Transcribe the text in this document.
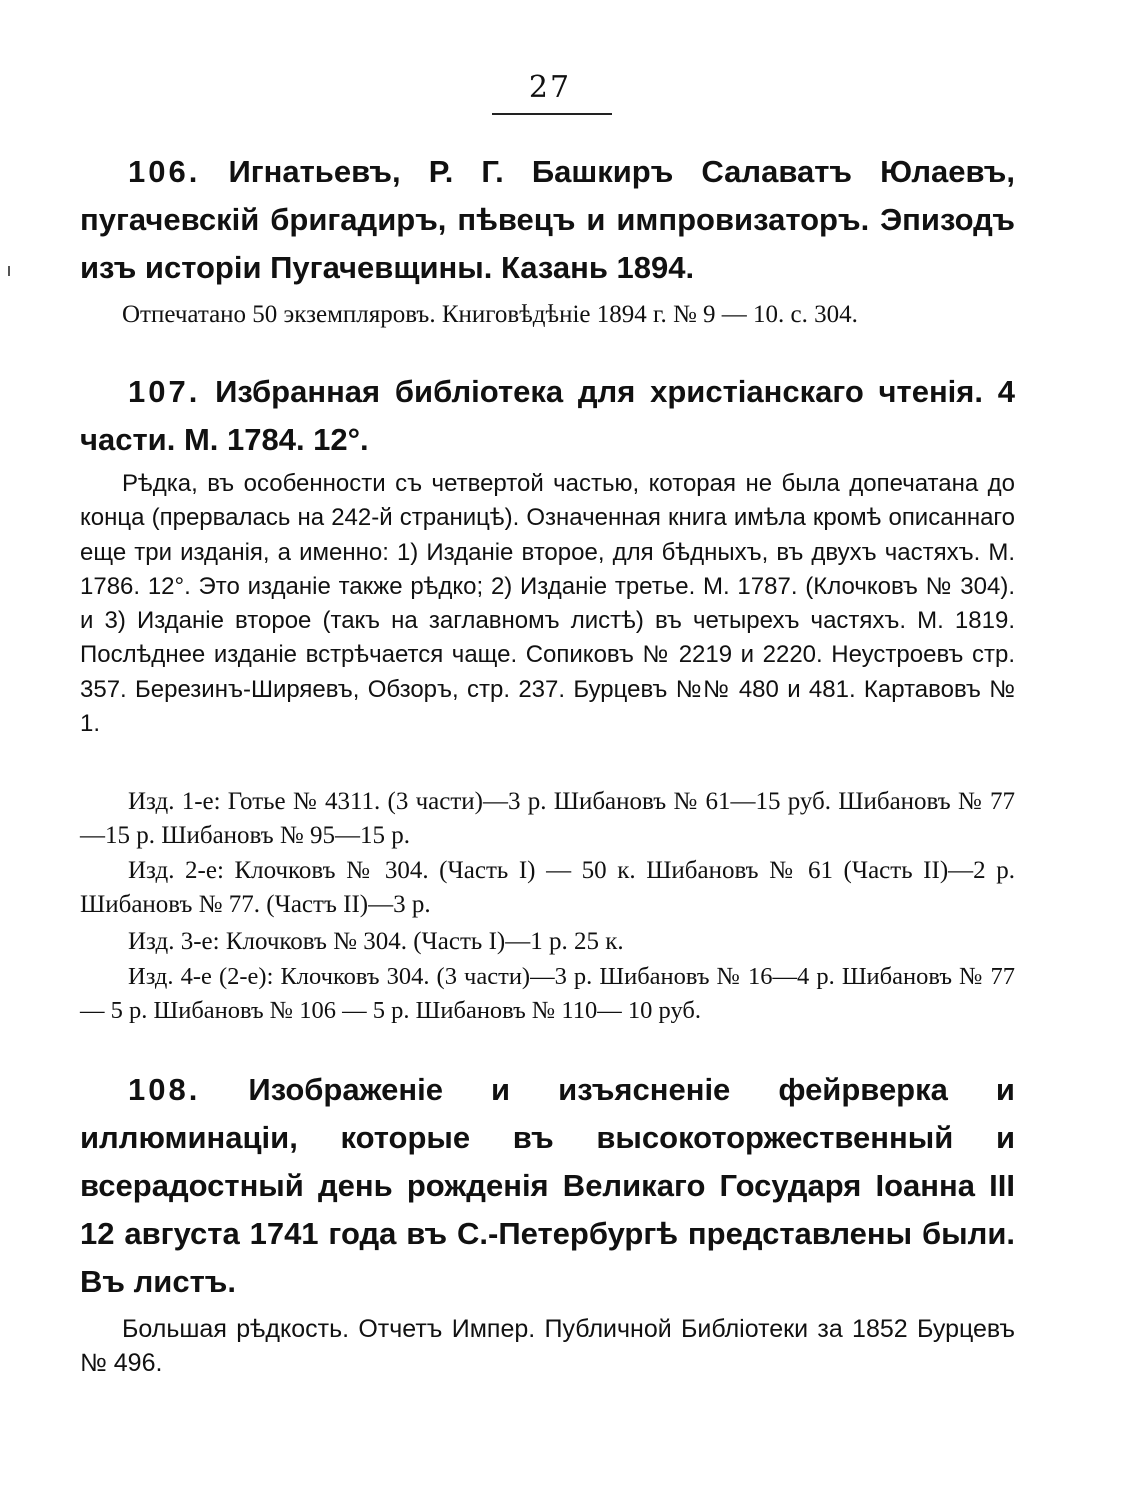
27
106. Игнатьевъ, Р. Г. Башкиръ Салаватъ Юлаевъ, пугачевскій бригадиръ, пѣвецъ и импровизаторъ. Эпизодъ изъ исторіи Пугачевщины. Казань 1894.
Отпечатано 50 экземпляровъ. Книговѣдѣніе 1894 г. № 9 — 10. с. 304.
107. Избранная библіотека для христіанскаго чтенія. 4 части. М. 1784. 12°.
Рѣдка, въ особенности съ четвертой частью, которая не была допечатана до конца (прервалась на 242-й страницѣ). Означенная книга имѣла кромѣ описаннаго еще три изданія, а именно: 1) Изданіе второе, для бѣдныхъ, въ двухъ частяхъ. М. 1786. 12°. Это изданіе также рѣдко; 2) Изданіе третье. М. 1787. (Клочковъ № 304). и 3) Изданіе второе (такъ на заглавномъ листѣ) въ четырехъ частяхъ. М. 1819. Послѣднее изданіе встрѣчается чаще. Сопиковъ № 2219 и 2220. Неустроевъ стр. 357. Березинъ-Ширяевъ, Обзоръ, стр. 237. Бурцевъ №№ 480 и 481. Картавовъ № 1.
Изд. 1-е: Готье № 4311. (3 части)—3 р. Шибановъ № 61—15 руб. Шибановъ № 77—15 р. Шибановъ № 95—15 р.
Изд. 2-е: Клочковъ № 304. (Часть I) — 50 к. Шибановъ № 61 (Часть II)—2 р. Шибановъ № 77. (Частъ II)—3 р.
Изд. 3-е: Клочковъ № 304. (Часть I)—1 р. 25 к.
Изд. 4-е (2-е): Клочковъ 304. (3 части)—3 р. Шибановъ № 16—4 р. Шибановъ № 77 — 5 р. Шибановъ № 106 — 5 р. Шибановъ № 110— 10 руб.
108. Изображеніе и изъясненіе фейрверка и иллюминаціи, которые въ высокоторжественный и всерадостный день рожденія Великаго Государя Іоанна III 12 августа 1741 года въ С.-Петербургѣ представлены были. Въ листъ.
Большая рѣдкость. Отчетъ Импер. Публичной Библіотеки за 1852 Бурцевъ № 496.
